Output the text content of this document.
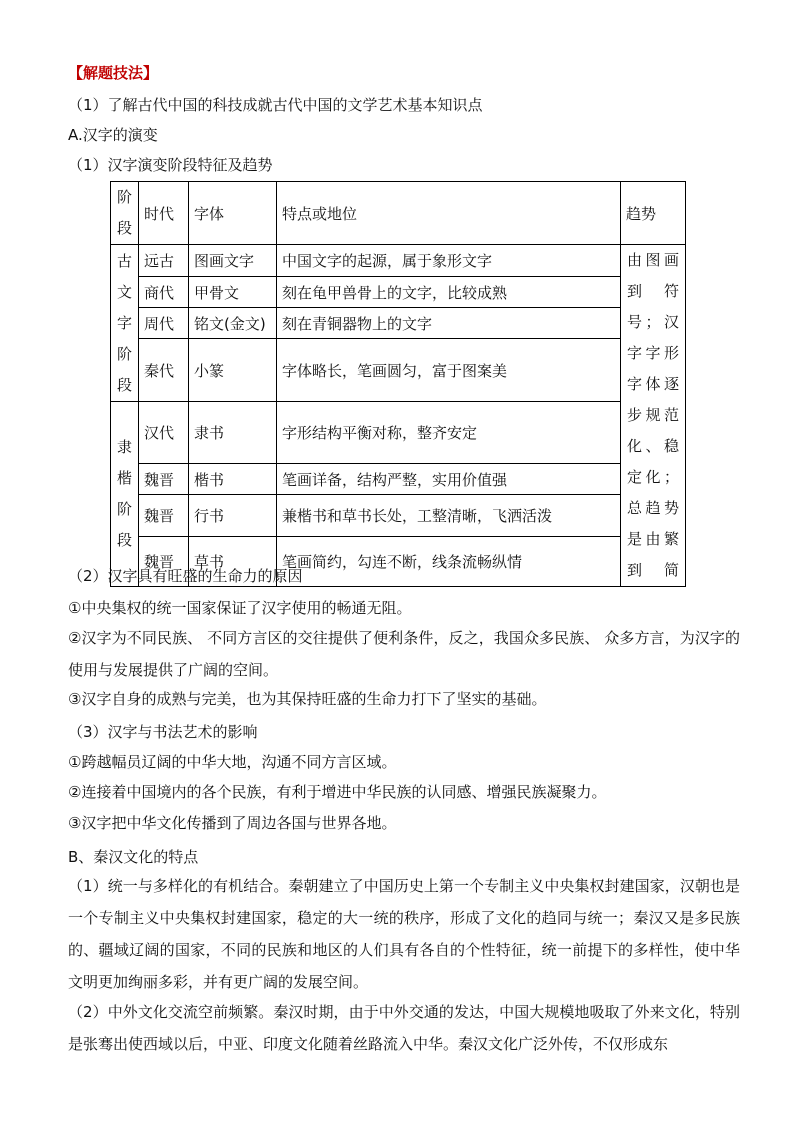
【解题技法】
（1）了解古代中国的科技成就古代中国的文学艺术基本知识点
A.汉字的演变
（1）汉字演变阶段特征及趋势
阶段	时代	字体	特点或地位	趋势
古文字阶段	远古	图画文字	中国文字的起源，属于象形文字	由图画到符号；汉字字形字体逐步规范化、稳定化；总趋势是由繁到简
	商代	甲骨文	刻在龟甲兽骨上的文字，比较成熟	
	周代	铭文(金文)	刻在青铜器物上的文字	
	秦代	小篆	字体略长，笔画圆匀，富于图案美	
隶楷阶段	汉代	隶书	字形结构平衡对称，整齐安定	
	魏晋	楷书	笔画详备，结构严整，实用价值强	
	魏晋	行书	兼楷书和草书长处，工整清晰，飞洒活泼	
	魏晋	草书	笔画简约，勾连不断，线条流畅纵情	
（2）汉字具有旺盛的生命力的原因
①中央集权的统一国家保证了汉字使用的畅通无阻。
②汉字为不同民族、 不同方言区的交往提供了便利条件，反之，我国众多民族、 众多方言，为汉字的使用与发展提供了广阔的空间。
③汉字自身的成熟与完美，也为其保持旺盛的生命力打下了坚实的基础。
（3）汉字与书法艺术的影响
①跨越幅员辽阔的中华大地，沟通不同方言区域。
②连接着中国境内的各个民族，有利于增进中华民族的认同感、增强民族凝聚力。
③汉字把中华文化传播到了周边各国与世界各地。
B、秦汉文化的特点
（1）统一与多样化的有机结合。秦朝建立了中国历史上第一个专制主义中央集权封建国家，汉朝也是一个专制主义中央集权封建国家，稳定的大一统的秩序，形成了文化的趋同与统一；秦汉又是多民族的、疆域辽阔的国家，不同的民族和地区的人们具有各自的个性特征，统一前提下的多样性，使中华文明更加绚丽多彩，并有更广阔的发展空间。
（2）中外文化交流空前频繁。秦汉时期，由于中外交通的发达，中国大规模地吸取了外来文化，特别是张骞出使西域以后，中亚、印度文化随着丝路流入中华。秦汉文化广泛外传，不仅形成东
